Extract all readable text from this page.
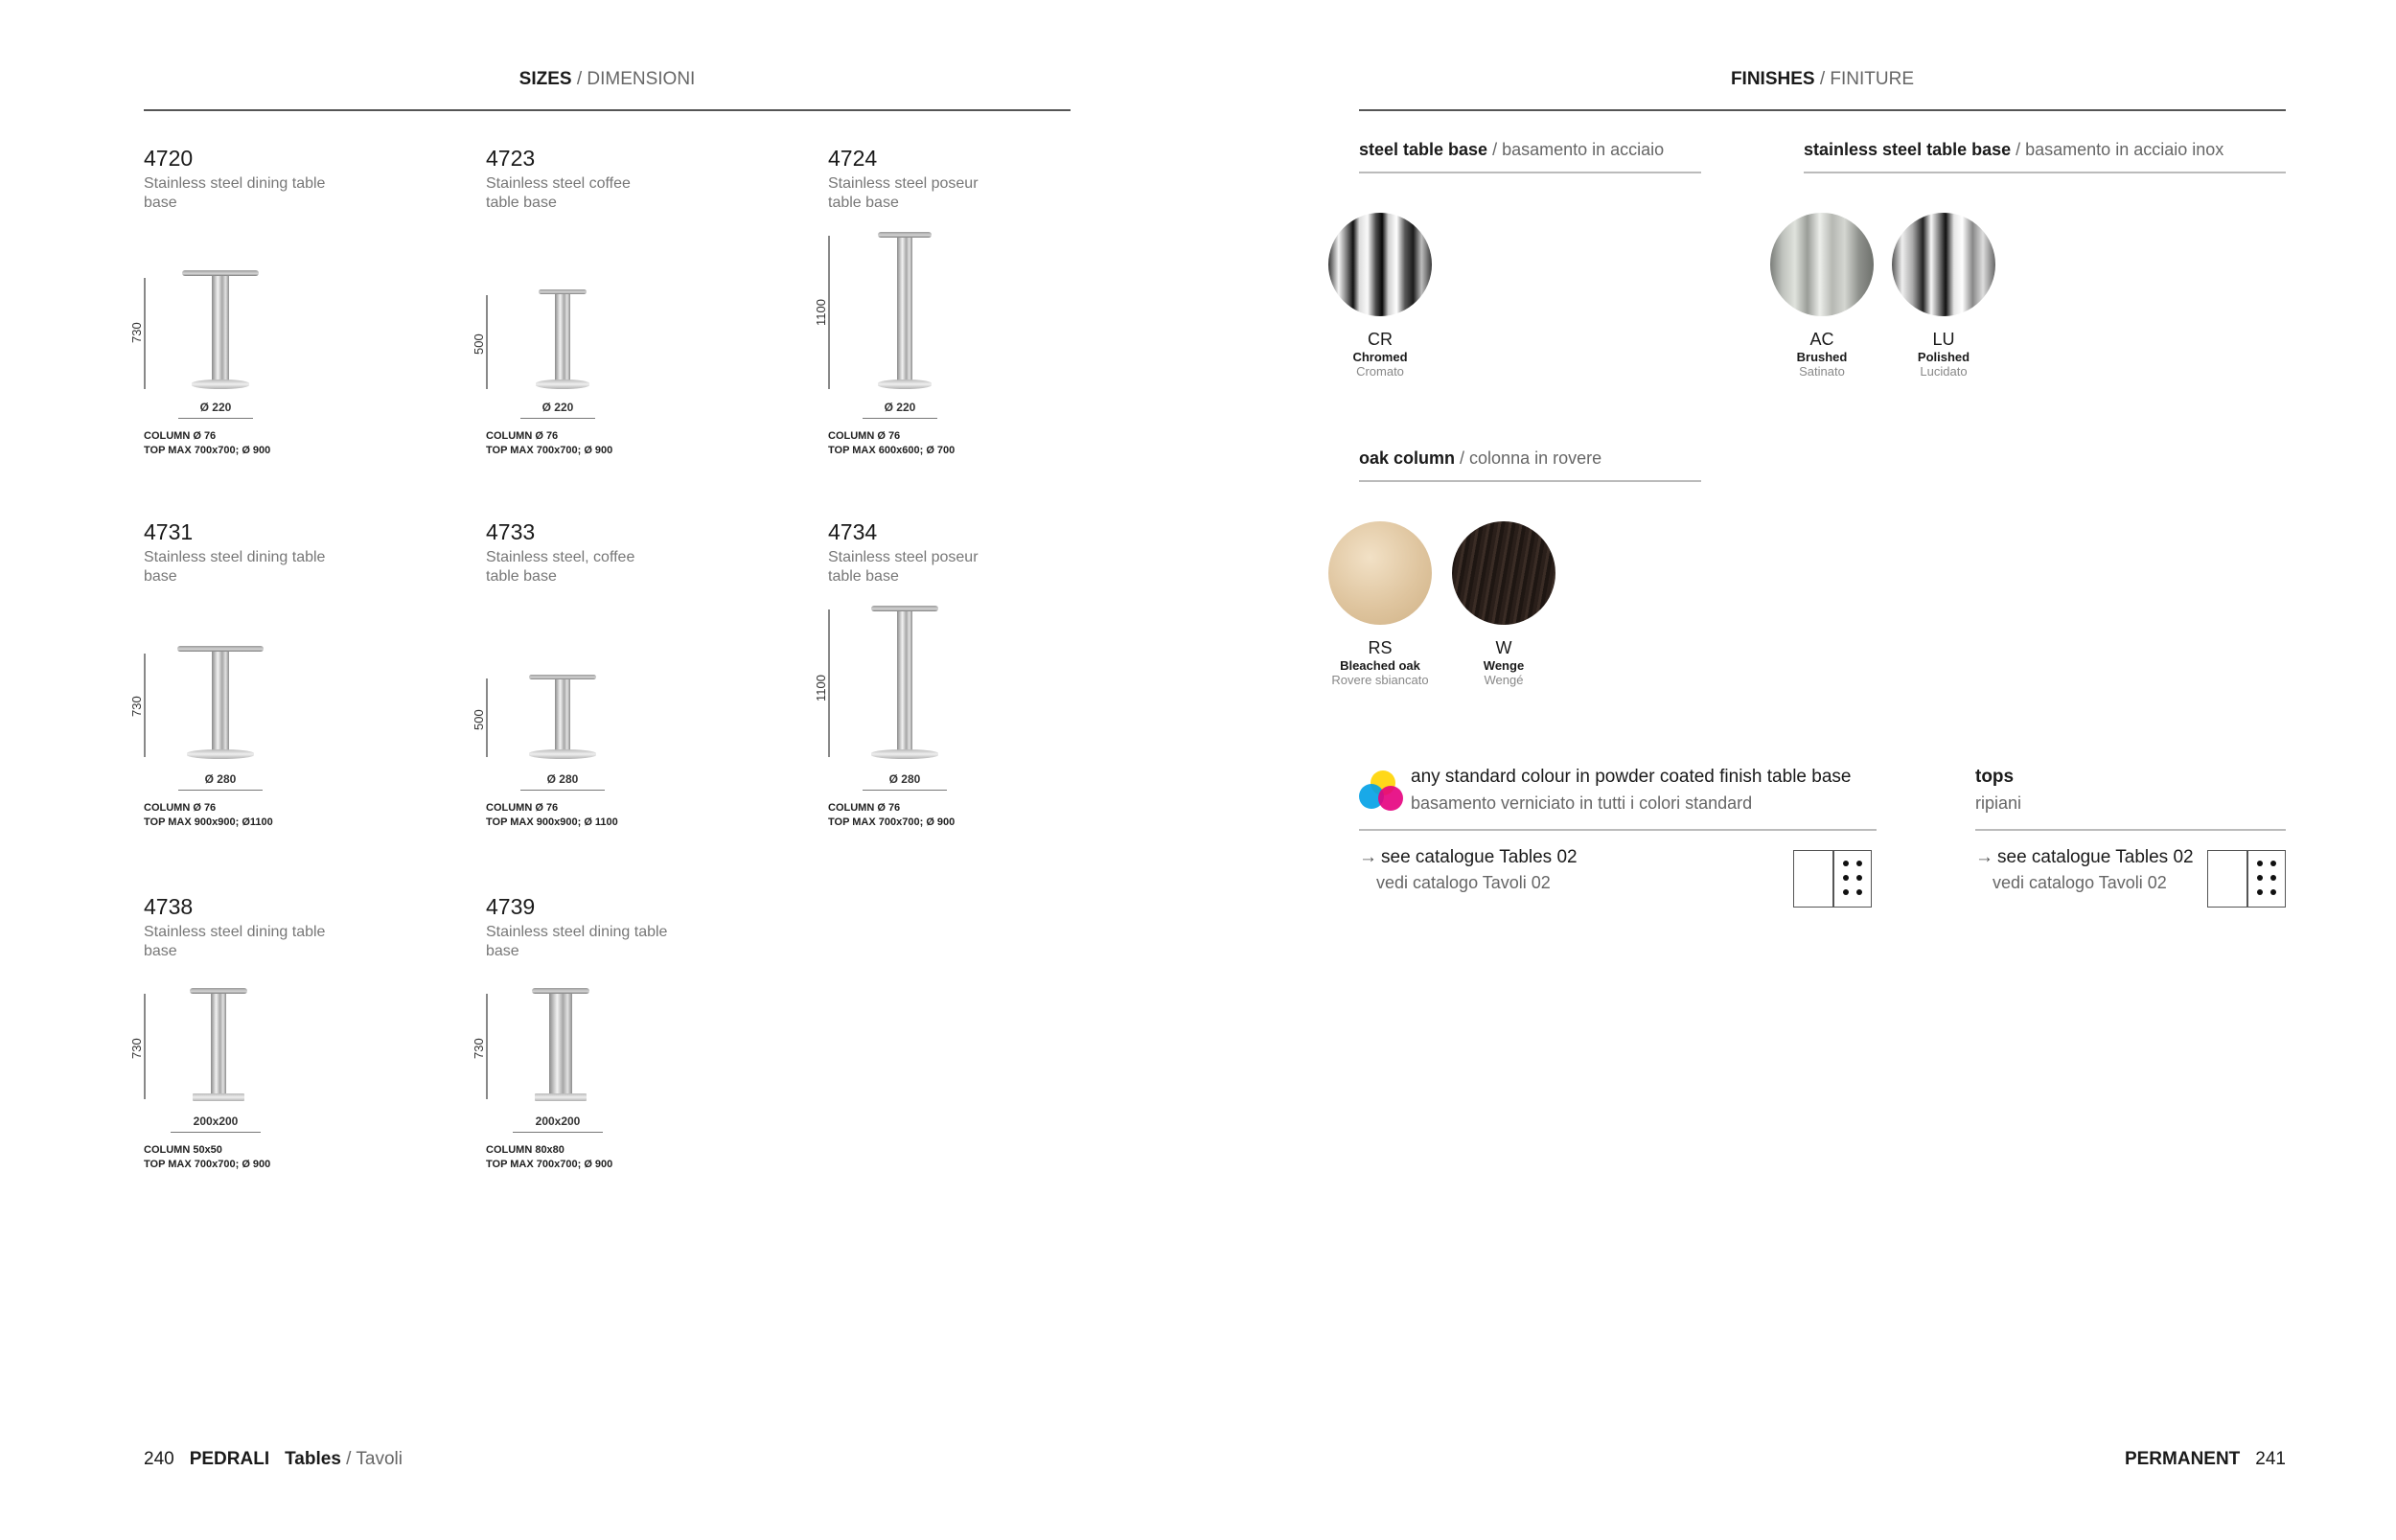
SIZES / DIMENSIONI
4720
Stainless steel dining table base
730
Ø 220
COLUMN Ø 76
TOP MAX 700x700; Ø 900
4723
Stainless steel coffee table base
500
Ø 220
COLUMN Ø 76
TOP MAX 700x700; Ø 900
4724
Stainless steel poseur table base
1100
Ø 220
COLUMN Ø 76
TOP MAX 600x600; Ø 700
4731
Stainless steel dining table base
730
Ø 280
COLUMN Ø 76
TOP MAX 900x900; Ø1100
4733
Stainless steel, coffee table base
500
Ø 280
COLUMN Ø 76
TOP MAX 900x900; Ø 1100
4734
Stainless steel poseur table base
1100
Ø 280
COLUMN Ø 76
TOP MAX 700x700; Ø 900
4738
Stainless steel dining table base
730
200x200
COLUMN 50x50
TOP MAX 700x700; Ø 900
4739
Stainless steel dining table base
730
200x200
COLUMN 80x80
TOP MAX 700x700; Ø 900
FINISHES / FINITURE
steel table base / basamento in acciaio	stainless steel table base / basamento in acciaio inox
CR
Chromed
Cromato
AC
Brushed
Satinato
LU
Polished
Lucidato
oak column / colonna in rovere
RS
Bleached oak
Rovere sbiancato
W
Wenge
Wengé
any standard colour in powder coated finish table base
basamento verniciato in tutti i colori standard
→ see catalogue Tables 02
vedi catalogo Tavoli 02
tops
ripiani
→ see catalogue Tables 02
vedi catalogo Tavoli 02
240 PEDRALI Tables / Tavoli	PERMANENT 241
